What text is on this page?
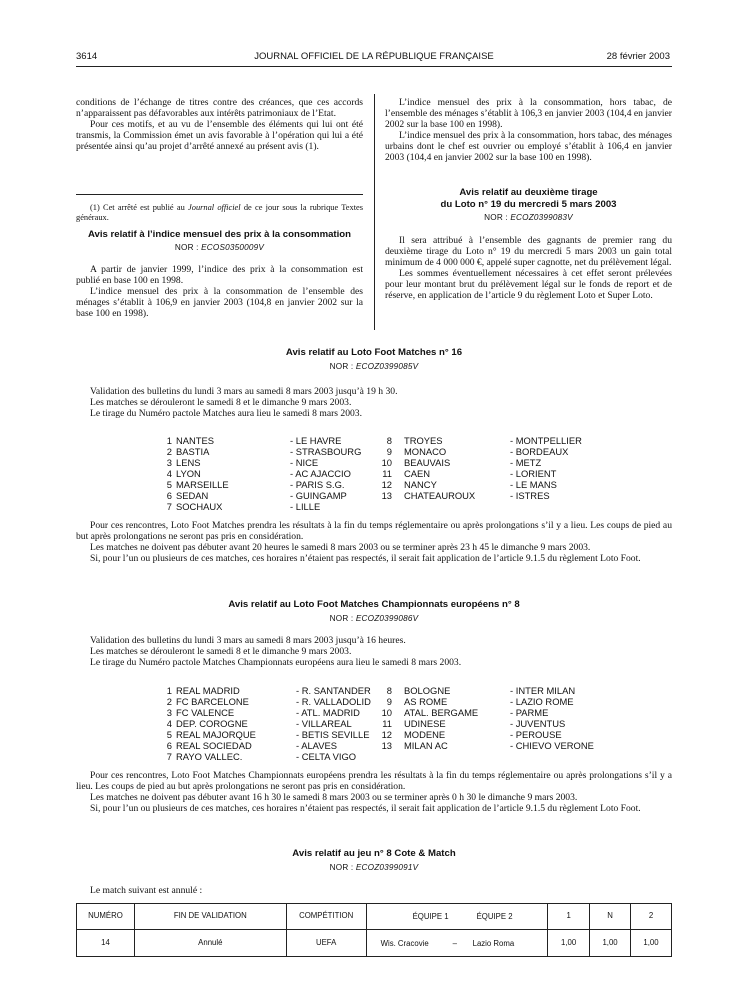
3614	JOURNAL OFFICIEL DE LA RÉPUBLIQUE FRANÇAISE	28 février 2003

conditions de l’échange de titres contre des créances, que ces accords n’apparaissent pas défavorables aux intérêts patrimoniaux de l’Etat.

Pour ces motifs, et au vu de l’ensemble des éléments qui lui ont été transmis, la Commission émet un avis favorable à l’opération qui lui a été présentée ainsi qu’au projet d’arrêté annexé au présent avis (1).

(1) Cet arrêté est publié au Journal officiel de ce jour sous la rubrique Textes généraux.

Avis relatif à l’indice mensuel des prix à la consommation
NOR : ECOS0350009V

A partir de janvier 1999, l’indice des prix à la consommation est publié en base 100 en 1998.

L’indice mensuel des prix à la consommation de l’ensemble des ménages s’établit à 106,9 en janvier 2003 (104,8 en janvier 2002 sur la base 100 en 1998).

L’indice mensuel des prix à la consommation, hors tabac, de l’ensemble des ménages s’établit à 106,3 en janvier 2003 (104,4 en janvier 2002 sur la base 100 en 1998).

L’indice mensuel des prix à la consommation, hors tabac, des ménages urbains dont le chef est ouvrier ou employé s’établit à 106,4 en janvier 2003 (104,4 en janvier 2002 sur la base 100 en 1998).

Avis relatif au deuxième tirage
du Loto n° 19 du mercredi 5 mars 2003
NOR : ECOZ0399083V

Il sera attribué à l’ensemble des gagnants de premier rang du deuxième tirage du Loto n° 19 du mercredi 5 mars 2003 un gain total minimum de 4 000 000 €, appelé super cagnotte, net du prélèvement légal.

Les sommes éventuellement nécessaires à cet effet seront prélevées pour leur montant brut du prélèvement légal sur le fonds de report et de réserve, en application de l’article 9 du règlement Loto et Super Loto.

Avis relatif au Loto Foot Matches n° 16
NOR : ECOZ0399085V

Validation des bulletins du lundi 3 mars au samedi 8 mars 2003 jusqu’à 19 h 30.

Les matches se dérouleront le samedi 8 et le dimanche 9 mars 2003.

Le tirage du Numéro pactole Matches aura lieu le samedi 8 mars 2003.

1 NANTES	- LE HAVRE
2 BASTIA	- STRASBOURG
3 LENS	- NICE
4 LYON	- AC AJACCIO
5 MARSEILLE	- PARIS S.G.
6 SEDAN	- GUINGAMP
7 SOCHAUX	- LILLE
8 TROYES	- MONTPELLIER
9 MONACO	- BORDEAUX
10 BEAUVAIS	- METZ
11 CAEN	- LORIENT
12 NANCY	- LE MANS
13 CHATEAUROUX	- ISTRES

Pour ces rencontres, Loto Foot Matches prendra les résultats à la fin du temps réglementaire ou après prolongations s’il y a lieu. Les coups de pied au but après prolongations ne seront pas pris en considération.

Les matches ne doivent pas débuter avant 20 heures le samedi 8 mars 2003 ou se terminer après 23 h 45 le dimanche 9 mars 2003.

Si, pour l’un ou plusieurs de ces matches, ces horaires n’étaient pas respectés, il serait fait application de l’article 9.1.5 du règlement Loto Foot.

Avis relatif au Loto Foot Matches Championnats européens n° 8
NOR : ECOZ0399086V

Validation des bulletins du lundi 3 mars au samedi 8 mars 2003 jusqu’à 16 heures.

Les matches se dérouleront le samedi 8 et le dimanche 9 mars 2003.

Le tirage du Numéro pactole Matches Championnats européens aura lieu le samedi 8 mars 2003.

1 REAL MADRID	- R. SANTANDER
2 FC BARCELONE	- R. VALLADOLID
3 FC VALENCE	- ATL. MADRID
4 DEP. COROGNE	- VILLAREAL
5 REAL MAJORQUE	- BETIS SEVILLE
6 REAL SOCIEDAD	- ALAVES
7 RAYO VALLEC.	- CELTA VIGO
8 BOLOGNE	- INTER MILAN
9 AS ROME	- LAZIO ROME
10 ATAL. BERGAME	- PARME
11 UDINESE	- JUVENTUS
12 MODENE	- PEROUSE
13 MILAN AC	- CHIEVO VERONE

Pour ces rencontres, Loto Foot Matches Championnats européens prendra les résultats à la fin du temps réglementaire ou après prolongations s’il y a lieu. Les coups de pied au but après prolongations ne seront pas pris en considération.

Les matches ne doivent pas débuter avant 16 h 30 le samedi 8 mars 2003 ou se terminer après 0 h 30 le dimanche 9 mars 2003.

Si, pour l’un ou plusieurs de ces matches, ces horaires n’étaient pas respectés, il serait fait application de l’article 9.1.5 du règlement Loto Foot.

Avis relatif au jeu n° 8 Cote & Match
NOR : ECOZ0399091V
Le match suivant est annulé :
NUMÉRO	FIN DE VALIDATION	COMPÉTITION	ÉQUIPE 1 ÉQUIPE 2	1	N	2
14	Annulé	UEFA	Wis. Cracovie – Lazio Roma	1,00	1,00	1,00
